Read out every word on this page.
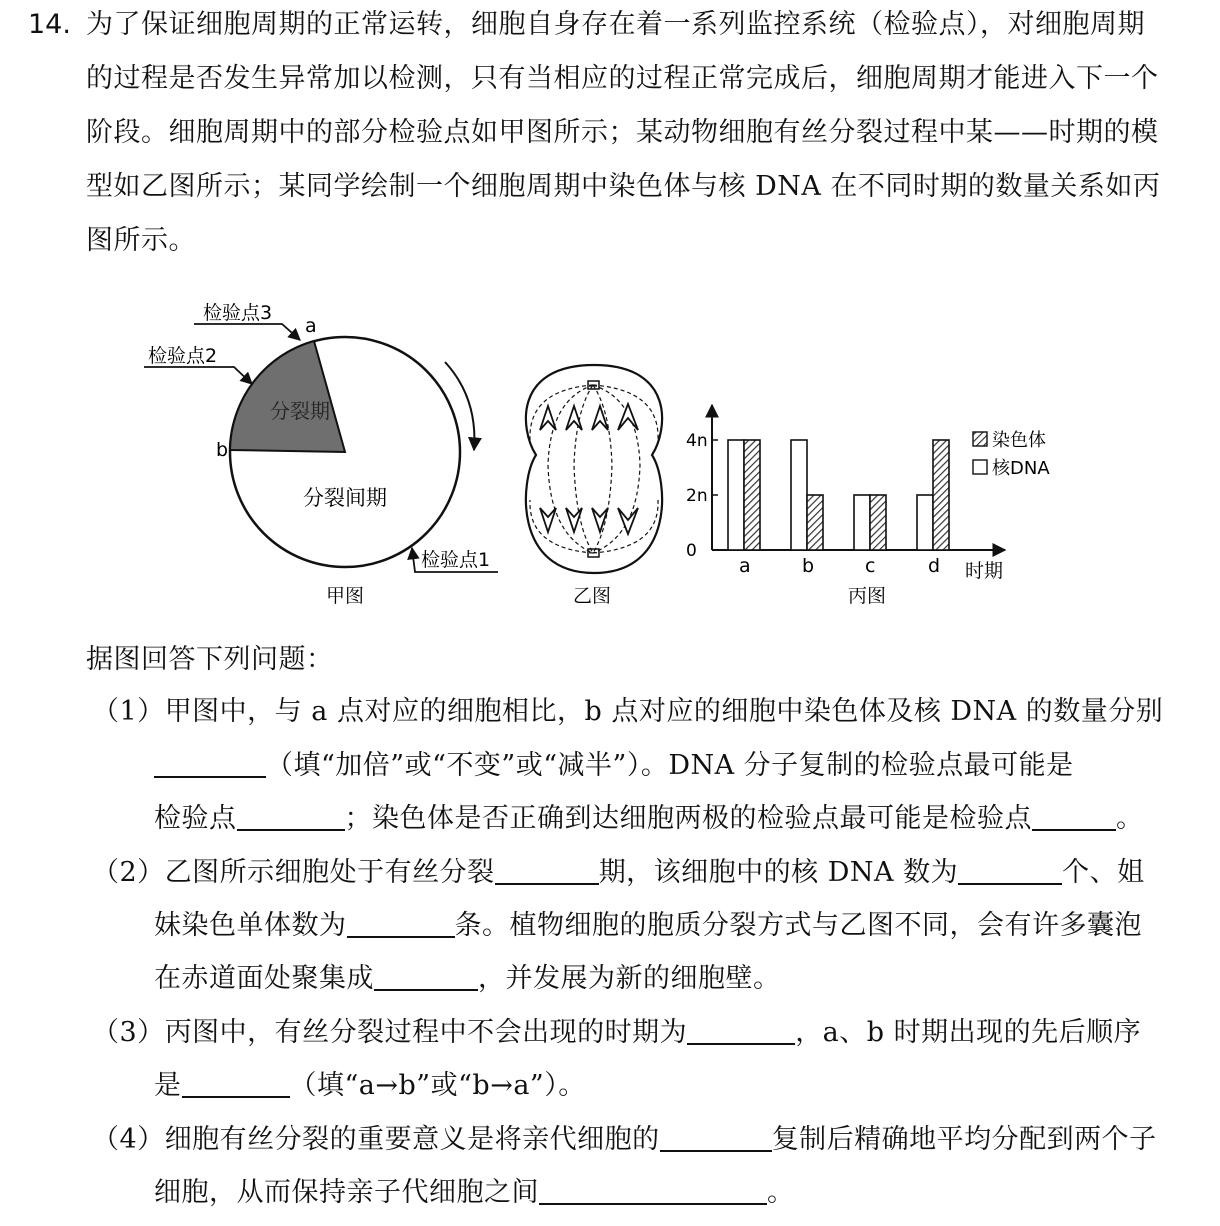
14. 为了保证细胞周期的正常运转，细胞自身存在着一系列监控系统（检验点），对细胞周期
的过程是否发生异常加以检测，只有当相应的过程正常完成后，细胞周期才能进入下一个
阶段。细胞周期中的部分检验点如甲图所示；某动物细胞有丝分裂过程中某——时期的模
型如乙图所示；某同学绘制一个细胞周期中染色体与核 DNA 在不同时期的数量关系如丙
图所示。
分裂期
分裂间期
a
b
检验点3
检验点2
检验点1
甲图	乙图
0
2n
4n
a	b	c	d 时期
染色体
核DNA
丙图
据图回答下列问题：
（1）甲图中，与 a 点对应的细胞相比，b 点对应的细胞中染色体及核 DNA 的数量分别
（填“加倍”或“不变”或“减半”）。DNA 分子复制的检验点最可能是
检验点	；染色体是否正确到达细胞两极的检验点最可能是检验点	。
（2）乙图所示细胞处于有丝分裂	期，该细胞中的核 DNA 数为	个、姐
妹染色单体数为	条。植物细胞的胞质分裂方式与乙图不同，会有许多囊泡
在赤道面处聚集成	，并发展为新的细胞壁。
（3）丙图中，有丝分裂过程中不会出现的时期为	，a、b 时期出现的先后顺序
是	（填“a→b”或“b→a”）。
（4）细胞有丝分裂的重要意义是将亲代细胞的	复制后精确地平均分配到两个子
细胞，从而保持亲子代细胞之间	。
